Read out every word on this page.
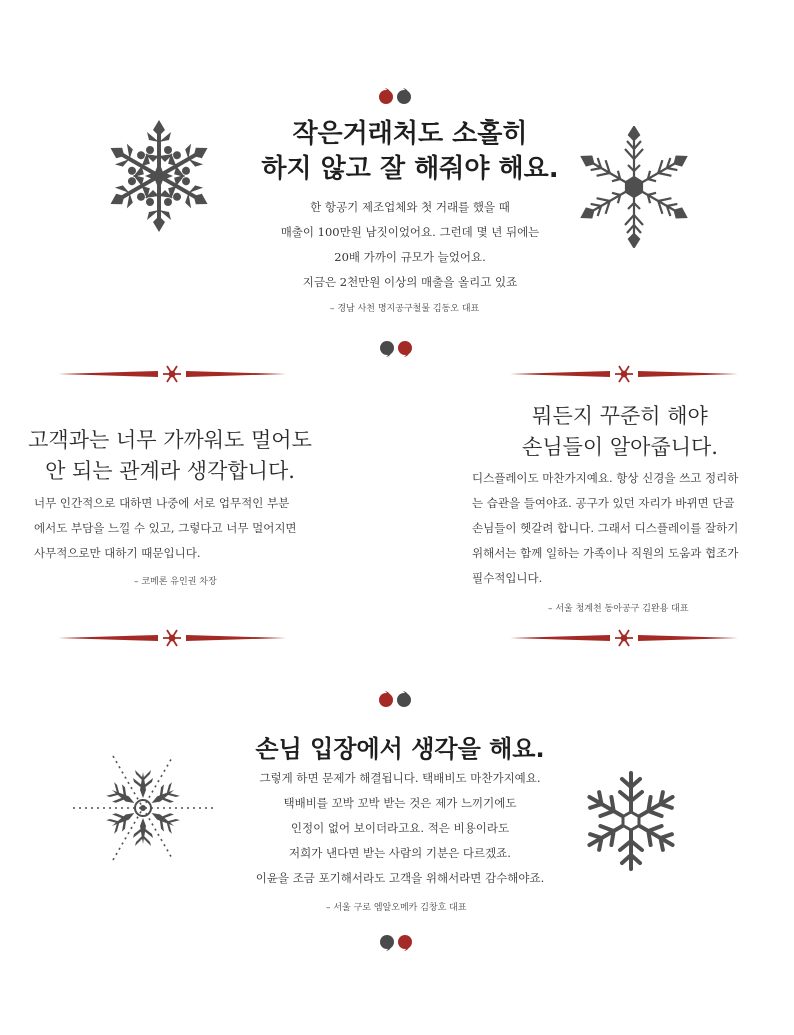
작은거래처도 소홀히
하지 않고 잘 해줘야 해요.
한 항공기 제조업체와 첫 거래를 했을 때
매출이 100만원 남짓이었어요. 그런데 몇 년 뒤에는
20배 가까이 규모가 늘었어요.
지금은 2천만원 이상의 매출을 올리고 있죠
– 경남 사천 명지공구철물 김동오 대표
고객과는 너무 가까워도 멀어도
안 되는 관계라 생각합니다.
너무 인간적으로 대하면 나중에 서로 업무적인 부분
에서도 부담을 느낄 수 있고, 그렇다고 너무 멀어지면
사무적으로만 대하기 때문입니다.
– 코메론 유인권 차장
뭐든지 꾸준히 해야
손님들이 알아줍니다.
디스플레이도 마찬가지예요. 항상 신경을 쓰고 정리하
는 습관을 들여야죠. 공구가 있던 자리가 바뀌면 단골
손님들이 헷갈려 합니다. 그래서 디스플레이를 잘하기
위해서는 함께 일하는 가족이나 직원의 도움과 협조가
필수적입니다.
– 서울 청계천 동아공구 김완용 대표
손님 입장에서 생각을 해요.
그렇게 하면 문제가 해결됩니다. 택배비도 마찬가지예요.
택배비를 꼬박 꼬박 받는 것은 제가 느끼기에도
인정이 없어 보이더라고요. 적은 비용이라도
저희가 낸다면 받는 사람의 기분은 다르겠죠.
이윤을 조금 포기해서라도 고객을 위해서라면 감수해야죠.
– 서울 구로 엠알오메카 김창호 대표
